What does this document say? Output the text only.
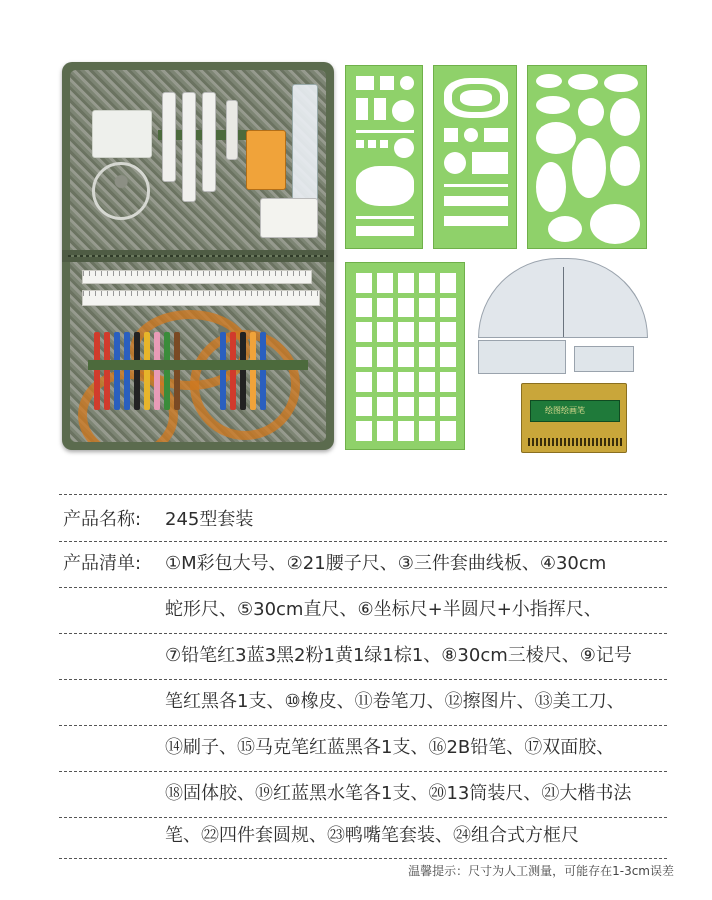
绘图绘画笔
产品名称: 245型套装
产品清单: ①M彩包大号、②21腰子尺、③三件套曲线板、④30cm
蛇形尺、⑤30cm直尺、⑥坐标尺+半圆尺+小指挥尺、
⑦铅笔红3蓝3黑2粉1黄1绿1棕1、⑧30cm三棱尺、⑨记号
笔红黑各1支、⑩橡皮、⑪卷笔刀、⑫擦图片、⑬美工刀、
⑭刷子、⑮马克笔红蓝黑各1支、⑯2B铅笔、⑰双面胶、
⑱固体胶、⑲红蓝黑水笔各1支、⑳13筒装尺、㉑大楷书法
笔、㉒四件套圆规、㉓鸭嘴笔套装、㉔组合式方框尺
温馨提示：尺寸为人工测量，可能存在1-3cm误差
